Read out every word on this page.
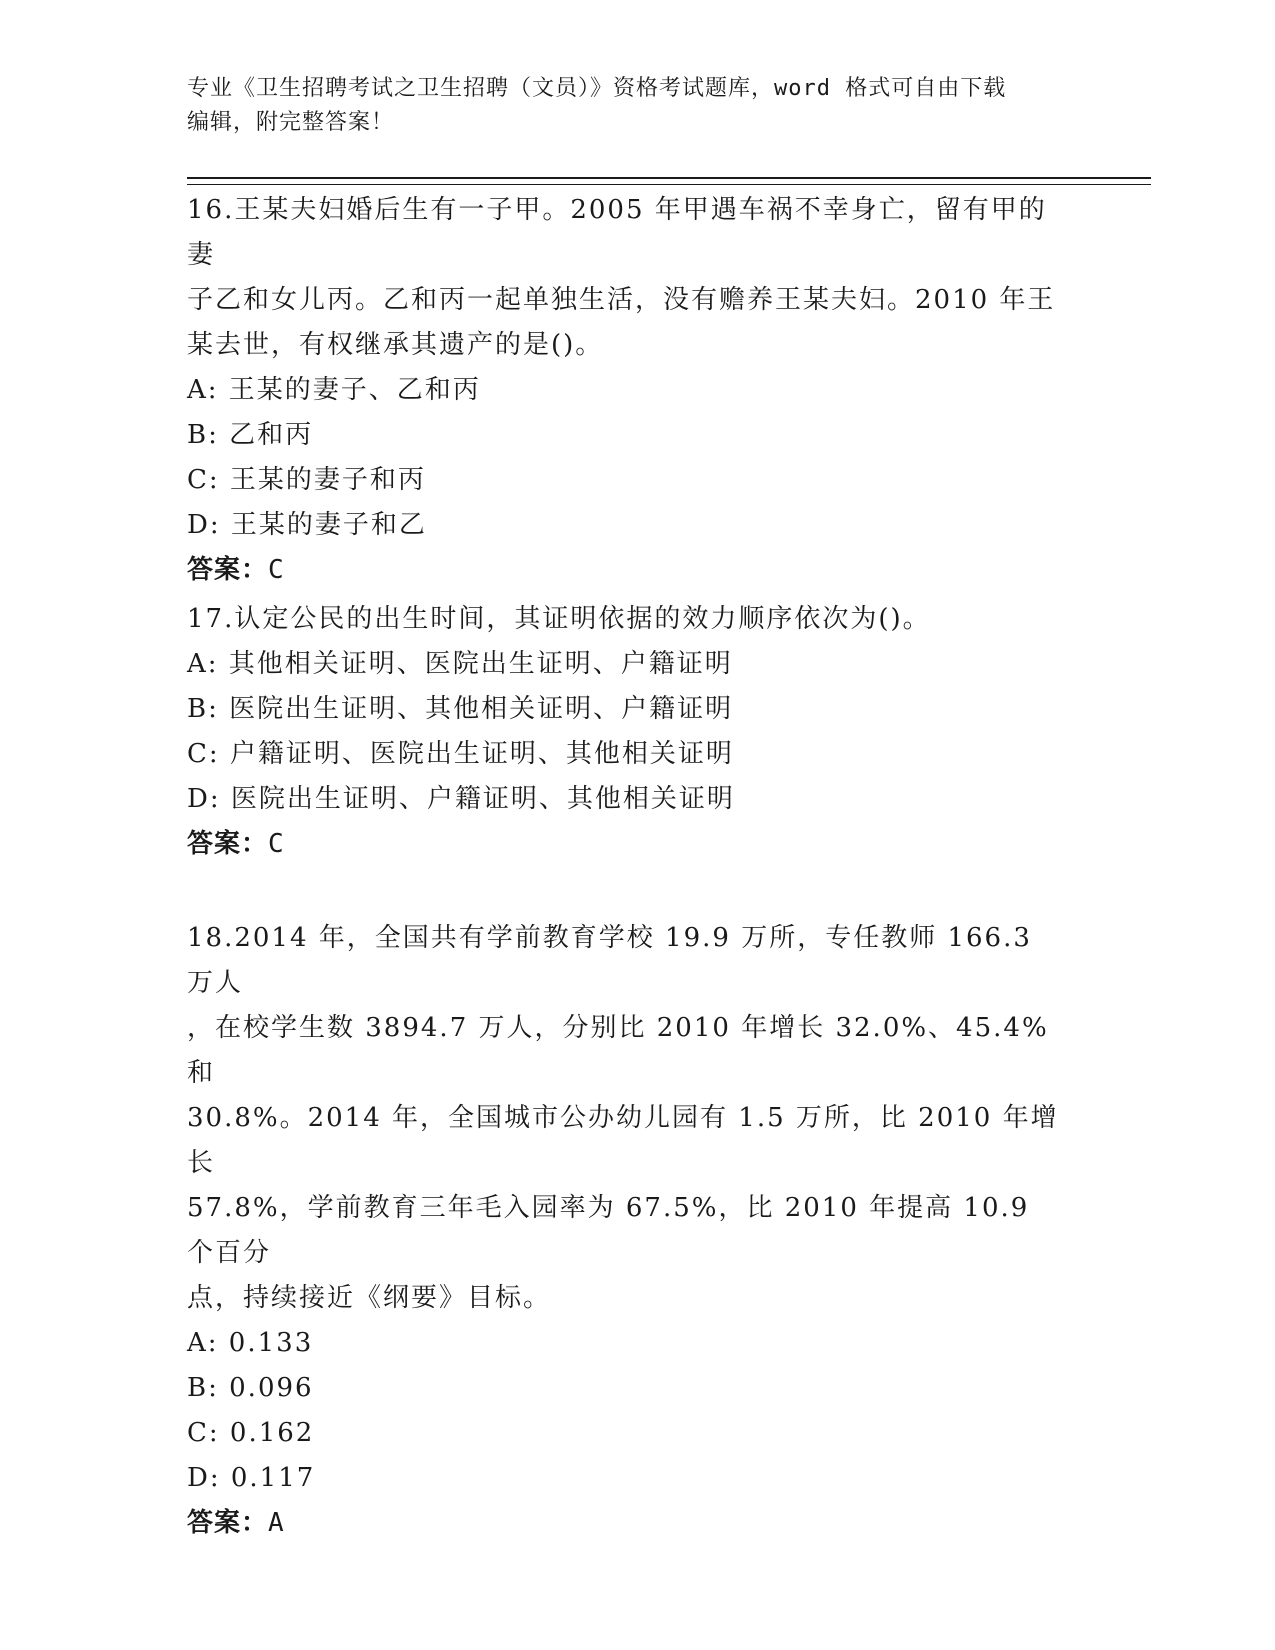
专业《卫生招聘考试之卫生招聘（文员）》资格考试题库，word 格式可自由下载
编辑，附完整答案！
16.王某夫妇婚后生有一子甲。2005 年甲遇车祸不幸身亡，留有甲的妻
子乙和女儿丙。乙和丙一起单独生活，没有赡养王某夫妇。2010 年王
某去世，有权继承其遗产的是()。
A: 王某的妻子、乙和丙
B: 乙和丙
C: 王某的妻子和丙
D: 王某的妻子和乙
答案：C
17.认定公民的出生时间，其证明依据的效力顺序依次为()。
A: 其他相关证明、医院出生证明、户籍证明
B: 医院出生证明、其他相关证明、户籍证明
C: 户籍证明、医院出生证明、其他相关证明
D: 医院出生证明、户籍证明、其他相关证明
答案：C
18.2014 年，全国共有学前教育学校 19.9 万所，专任教师 166.3 万人
，在校学生数 3894.7 万人，分别比 2010 年增长 32.0%、45.4%和
30.8%。2014 年，全国城市公办幼儿园有 1.5 万所，比 2010 年增长
57.8%，学前教育三年毛入园率为 67.5%，比 2010 年提高 10.9 个百分
点，持续接近《纲要》目标。
A: 0.133
B: 0.096
C: 0.162
D: 0.117
答案：A
